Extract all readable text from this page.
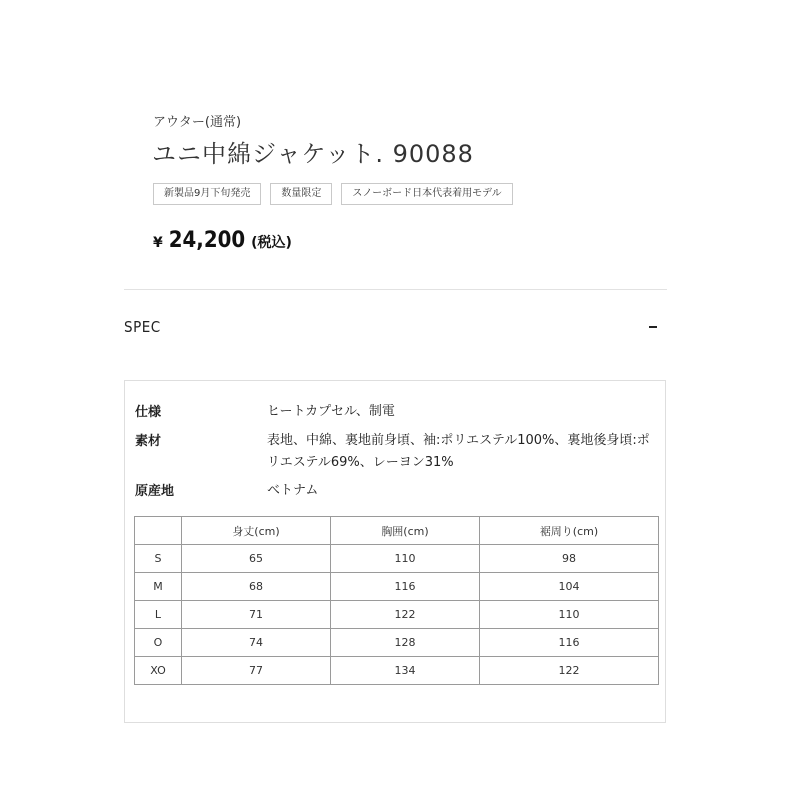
アウター(通常)
ユニ中綿ジャケット. 90088
新製品9月下旬発売	数量限定	スノーボード日本代表着用モデル
¥ 24,200 (税込)
SPEC
仕様	ヒートカプセル、制電
素材	表地、中綿、裏地前身頃、袖:ポリエステル100%、裏地後身頃:ポリエステル69%、レーヨン31%
原産地	ベトナム
	身丈(cm)	胸囲(cm)	裾周り(cm)
S	65	110	98
M	68	116	104
L	71	122	110
O	74	128	116
XO	77	134	122
